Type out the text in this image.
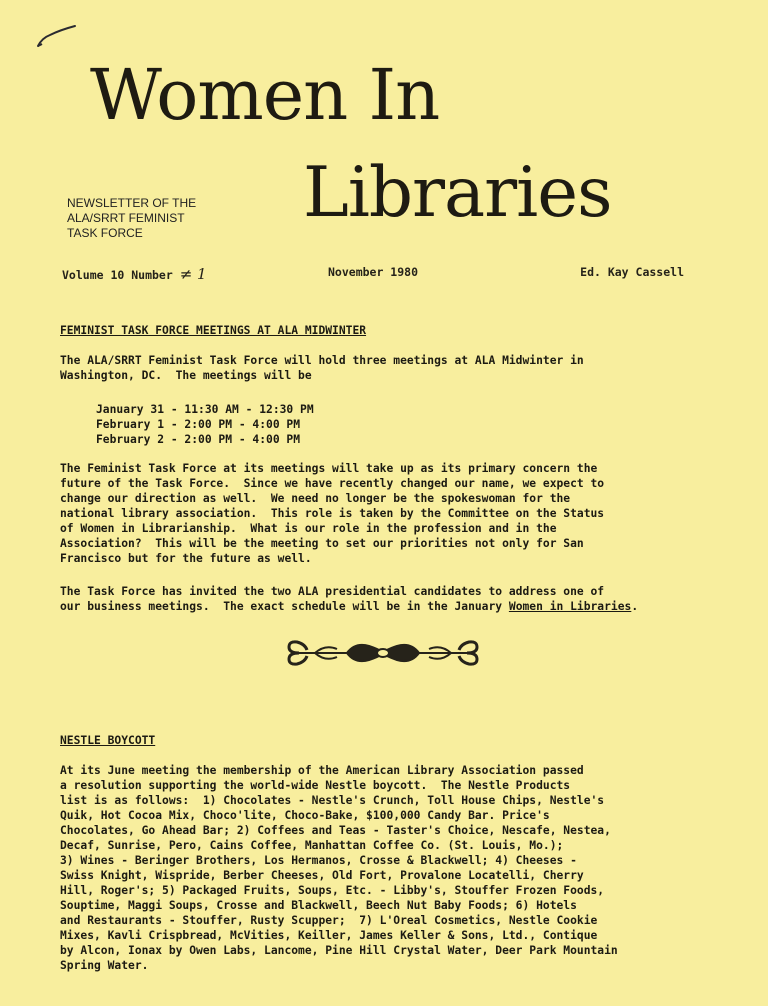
Women In
Libraries
NEWSLETTER OF THE
ALA/SRRT FEMINIST
TASK FORCE
Volume 10 Number ≠ 1	November 1980	Ed. Kay Cassell
FEMINIST TASK FORCE MEETINGS AT ALA MIDWINTER

The ALA/SRRT Feminist Task Force will hold three meetings at ALA Midwinter in
Washington, DC.  The meetings will be

January 31 - 11:30 AM - 12:30 PM

February 1 - 2:00 PM - 4:00 PM

February 2 - 2:00 PM - 4:00 PM

The Feminist Task Force at its meetings will take up as its primary concern the
future of the Task Force.  Since we have recently changed our name, we expect to
change our direction as well.  We need no longer be the spokeswoman for the
national library association.  This role is taken by the Committee on the Status
of Women in Librarianship.  What is our role in the profession and in the
Association?  This will be the meeting to set our priorities not only for San
Francisco but for the future as well.

The Task Force has invited the two ALA presidential candidates to address one of
our business meetings.  The exact schedule will be in the January Women in Libraries.

NESTLE BOYCOTT

At its June meeting the membership of the American Library Association passed
a resolution supporting the world-wide Nestle boycott.  The Nestle Products
list is as follows:  1) Chocolates - Nestle's Crunch, Toll House Chips, Nestle's
Quik, Hot Cocoa Mix, Choco'lite, Choco-Bake, $100,000 Candy Bar. Price's
Chocolates, Go Ahead Bar; 2) Coffees and Teas - Taster's Choice, Nescafe, Nestea,
Decaf, Sunrise, Pero, Cains Coffee, Manhattan Coffee Co. (St. Louis, Mo.);
3) Wines - Beringer Brothers, Los Hermanos, Crosse & Blackwell; 4) Cheeses -
Swiss Knight, Wispride, Berber Cheeses, Old Fort, Provalone Locatelli, Cherry
Hill, Roger's; 5) Packaged Fruits, Soups, Etc. - Libby's, Stouffer Frozen Foods,
Souptime, Maggi Soups, Crosse and Blackwell, Beech Nut Baby Foods; 6) Hotels
and Restaurants - Stouffer, Rusty Scupper;  7) L'Oreal Cosmetics, Nestle Cookie
Mixes, Kavli Crispbread, McVities, Keiller, James Keller & Sons, Ltd., Contique
by Alcon, Ionax by Owen Labs, Lancome, Pine Hill Crystal Water, Deer Park Mountain
Spring Water.
